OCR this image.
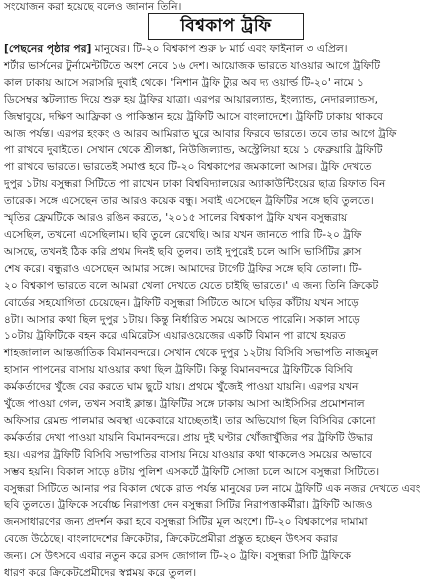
সংযোজন করা হয়েছে বলেও জানান তিনি।
বিশ্বকাপ ট্রফি
[পেছনের পৃষ্ঠার পর] মানুষের। টি-২০ বিশ্বকাপ শুরু ৮ মার্চ এবং ফাইনাল ৩ এপ্রিল।
শর্টার ভার্সনের টুর্নামেন্টটিতে অংশ নেবে ১৬ দেশ। আয়োজক ভারতে যাওয়ার আগে ট্রফিটি
কাল ঢাকায় আসে সরাসরি দুবাই থেকে। 'নিশান ট্রফি ট্যুর অব দ্য ওয়ার্ল্ড টি-২০' নামে ১
ডিসেম্বর স্কটল্যান্ড দিয়ে শুরু হয় ট্রফির যাত্রা। এরপর আয়ারল্যান্ড, ইংল্যান্ড, নেদারল্যান্ডস,
জিম্বাবুয়ে, দক্ষিণ আফ্রিকা ও পাকিস্তান হয়ে ট্রফিটি আসে বাংলাদেশে। ট্রফিটি ঢাকায় থাকবে
আজ পর্যন্ত। এরপর হংকং ও আরব আমিরাত ঘুরে আবার ফিরবে ভারতে। তবে তার আগে ট্রফি
পা রাখবে দুবাইতে। সেখান থেকে শ্রীলঙ্কা, নিউজিল্যান্ড, অস্ট্রেলিয়া হয়ে ১ ফেব্রুয়ারি ট্রফিটি
পা রাখবে ভারতে। ভারতেই সমাপ্ত হবে টি-২০ বিশ্বকাপের জমকালো আসর। ট্রফি দেখতে
দুপুর ১টায় বসুন্ধরা সিটিতে পা রাখেন ঢাকা বিশ্ববিদ্যালয়ের অ্যাকাউন্টিংয়ের ছাত্র রিফাত বিন
তারেক। সঙ্গে এসেছেন তার আরও কয়েক বন্ধু। সবাই এসেছেন ট্রফিটির সঙ্গে ছবি তুলতে।
স্মৃতির ফ্রেমটিকে আরও রঙিন করতে, '২০১৫ সালের বিশ্বকাপ ট্রফি যখন বসুন্ধরায়
এসেছিল, তখনো এসেছিলাম। ছবি তুলে রেখেছি। আর যখন জানতে পারি টি-২০ ট্রফি
আসছে, তখনই ঠিক করি প্রথম দিনই ছবি তুলব। তাই দুপুরেই চলে আসি ভার্সিটির ক্লাস
শেষ করে। বন্ধুরাও এসেছেন আমার সঙ্গে। আমাদের টার্গেট ট্রফির সঙ্গে ছবি তোলা। টি-
২০ বিশ্বকাপ ভারতে বলে আমরা খেলা দেখতে যেতে চাইছি ভারতে।' এ জন্য তিনি ক্রিকেট
বোর্ডের সহযোগিতা চেয়েছেন। ট্রফিটি বসুন্ধরা সিটিতে আসে ঘড়ির কাঁটায় যখন সাড়ে
৪টা। আসার কথা ছিল দুপুর ১টায়। কিন্তু নির্ধারিত সময়ে আসতে পারেনি। সকাল সাড়ে
১০টায় ট্রফিটিকে বহন করে এমিরেটস এয়ারওয়েজের একটি বিমান পা রাখে হযরত
শাহজালাল আন্তর্জাতিক বিমানবন্দরে। সেখান থেকে দুপুর ১২টায় বিসিবি সভাপতি নাজমুল
হাসান পাপনের বাসায় যাওয়ার কথা ছিল ট্রফিটি। কিন্তু বিমানবন্দরে ট্রফিটিকে বিসিবি
কর্মকর্তাদের খুঁজে বের করতে ঘাম ছুটে যায়। প্রথমে খুঁজেই পাওয়া যায়নি। এরপর যখন
খুঁজে পাওয়া গেল, তখন সবাই ক্লান্ত। ট্রফিটির সঙ্গে ঢাকায় আসা আইসিসির প্রমোশনাল
অফিসার রেমন্ড পালমার অবস্থা একেবারে যাচ্ছেতাই। তার অভিযোগ ছিল বিসিবির কোনো
কর্মকর্তার দেখা পাওয়া যায়নি বিমানবন্দরে। প্রায় দুই ঘণ্টার খোঁজাখুঁজির পর ট্রফিটি উদ্ধার
হয়। এরপর ট্রফিটি বিসিবি সভাপতির বাসায় নিয়ে যাওয়ার কথা থাকলেও সময়ের অভাবে
সম্ভব হয়নি। বিকাল সাড়ে ৪টায় পুলিশ এসকর্টে ট্রফিটি সোজা চলে আসে বসুন্ধরা সিটিতে।
বসুন্ধরা সিটিতে আনার পর বিকাল থেকে রাত পর্যন্ত মানুষের ঢল নামে ট্রফিটি এক নজর দেখতে এবং
ছবি তুলতে। ট্রফিকে সর্বোচ্চ নিরাপত্তা দেন বসুন্ধরা সিটির নিরাপত্তাকর্মীরা। ট্রফিটি আজও
জনসাধারণের জন্য প্রদর্শন করা হবে বসুন্ধরা সিটির মূল অংশে। টি-২০ বিশ্বকাপের দামামা
বেজে উঠেছে। বাংলাদেশের ক্রিকেটার, ক্রিকেটপ্রেমীরা প্রস্তুত হচ্ছেন উৎসব করার
জন্য। সে উৎসবে এবার নতুন করে রসদ জোগাল টি-২০ ট্রফি। বসুন্ধরা সিটি ট্রফিকে
ধারণ করে ক্রিকেটপ্রেমীদের স্বপ্নময় করে তুলল।
